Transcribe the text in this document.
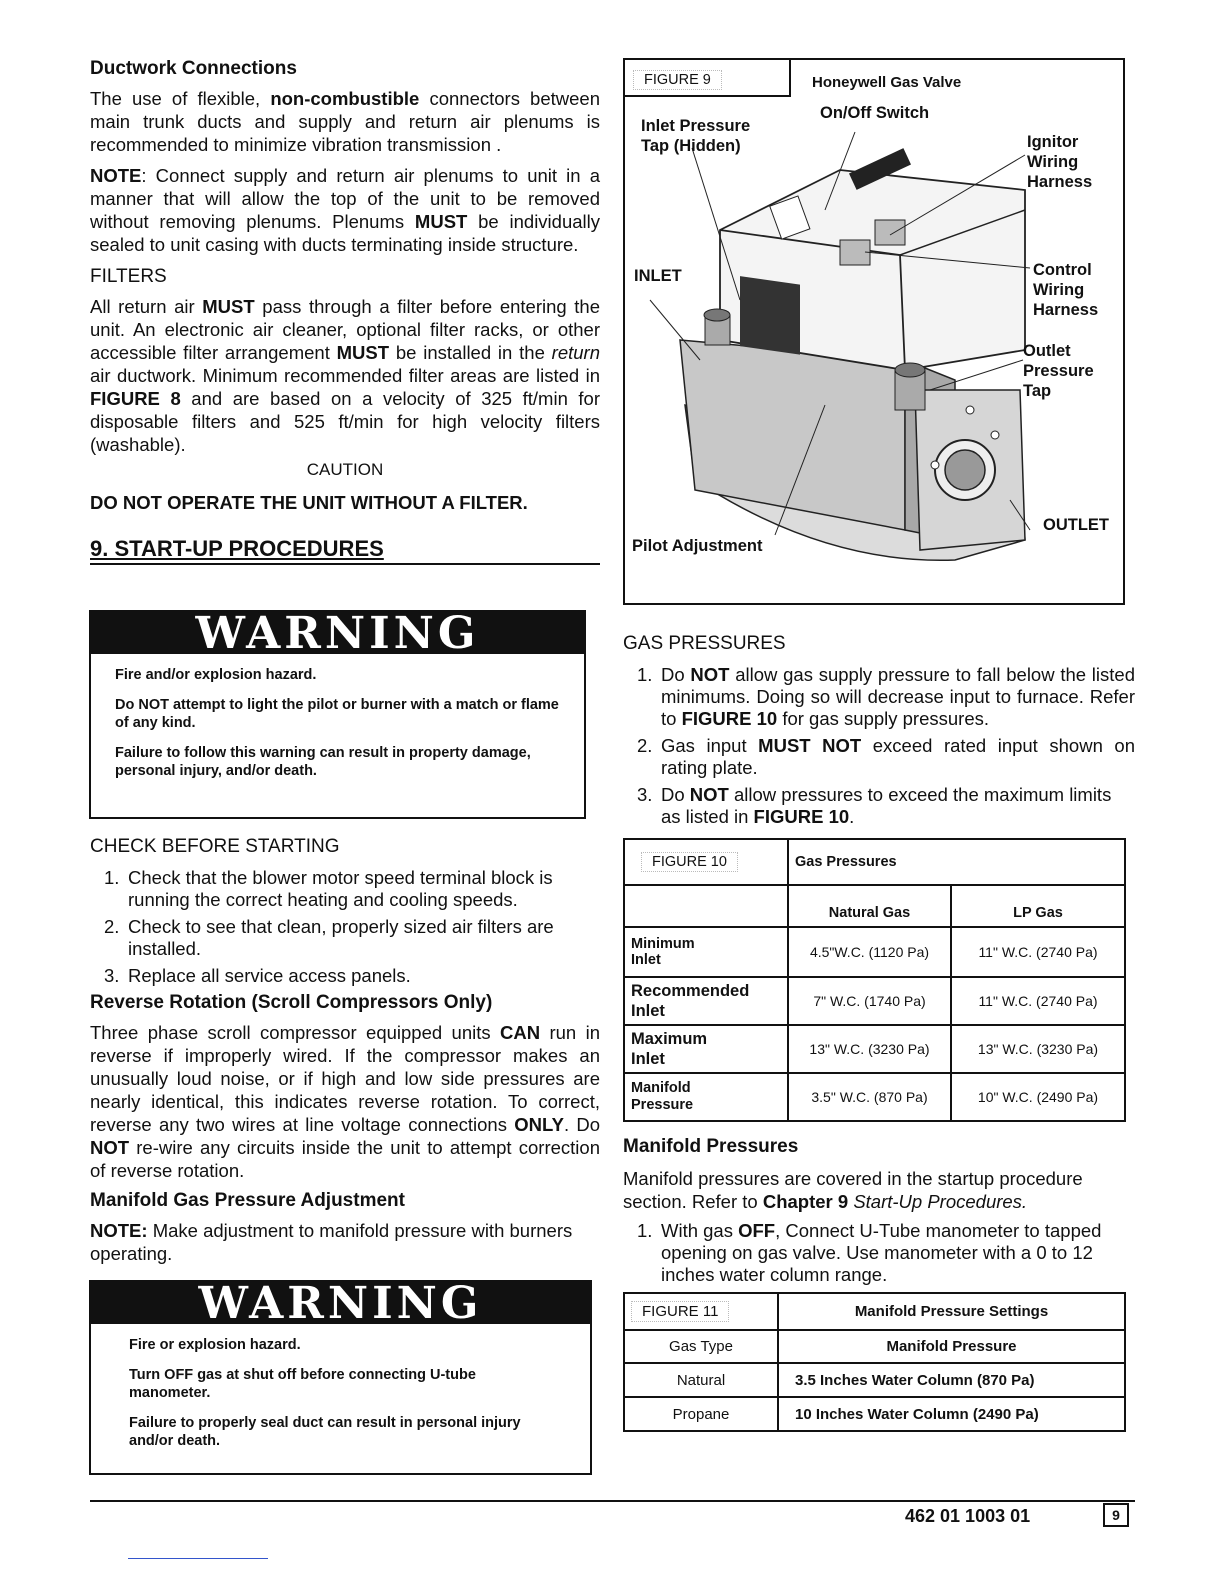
Ductwork Connections

The use of flexible, non-combustible connectors between main trunk ducts and supply and return air plenums is recommended to minimize vibration transmission .

NOTE: Connect supply and return air plenums to unit in a manner that will allow the top of the unit to be removed without removing plenums. Plenums MUST be individually sealed to unit casing with ducts terminating inside structure.

FILTERS

All return air MUST pass through a filter before entering the unit. An electronic air cleaner, optional filter racks, or other accessible filter arrangement MUST be installed in the return air ductwork. Minimum recommended filter areas are listed in FIGURE 8 and are based on a velocity of 325 ft/min for disposable filters and 525 ft/min for high velocity filters (washable).

CAUTION
DO NOT OPERATE THE UNIT WITHOUT A FILTER.
9. START-UP PROCEDURES
WARNING
Fire and/or explosion hazard.
Do NOT attempt to light the pilot or burner with a match or flame of any kind.
Failure to follow this warning can result in property damage, personal injury, and/or death.
CHECK BEFORE STARTING
1. Check that the blower motor speed terminal block is running the correct heating and cooling speeds.
2. Check to see that clean, properly sized air filters are installed.
3. Replace all service access panels.
Reverse Rotation (Scroll Compressors Only)

Three phase scroll compressor equipped units CAN run in reverse if improperly wired. If the compressor makes an unusually loud noise, or if high and low side pressures are nearly identical, this indicates reverse rotation. To correct, reverse any two wires at line voltage connections ONLY. Do NOT re-wire any circuits inside the unit to attempt correction of reverse rotation.

Manifold Gas Pressure Adjustment

NOTE: Make adjustment to manifold pressure with burners operating.

WARNING
Fire or explosion hazard.
Turn OFF gas at shut off before connecting U-tube manometer.
Failure to properly seal duct can result in personal injury and/or death.
FIGURE 9	Honeywell Gas Valve
On/Off Switch
Inlet Pressure
Tap (Hidden)	Ignitor
Wiring
Harness
INLET	Control
Wiring
Harness
Outlet
Pressure
Tap
OUTLET
Pilot Adjustment
GAS PRESSURES
1. Do NOT allow gas supply pressure to fall below the listed minimums. Doing so will decrease input to furnace. Refer to FIGURE 10 for gas supply pressures.
2. Gas input MUST NOT exceed rated input shown on rating plate.
3. Do NOT allow pressures to exceed the maximum limits as listed in FIGURE 10.
FIGURE 10	Gas Pressures	
	Natural Gas	LP Gas

Minimum
Inlet	4.5"W.C. (1120 Pa)	11" W.C. (2740 Pa)

Recommended
Inlet	7" W.C. (1740 Pa)	11" W.C. (2740 Pa)

Maximum
Inlet	13" W.C. (3230 Pa)	13" W.C. (3230 Pa)

Manifold
Pressure	3.5" W.C. (870 Pa)	10" W.C. (2490 Pa)
Manifold Pressures

Manifold pressures are covered in the startup procedure section. Refer to Chapter 9 Start-Up Procedures.

1. With gas OFF, Connect U-Tube manometer to tapped opening on gas valve. Use manometer with a 0 to 12 inches water column range.
FIGURE 11	Manifold Pressure Settings
Gas Type	Manifold Pressure
Natural	3.5 Inches Water Column (870 Pa)
Propane	10 Inches Water Column (2490 Pa)
462 01 1003 01	9
